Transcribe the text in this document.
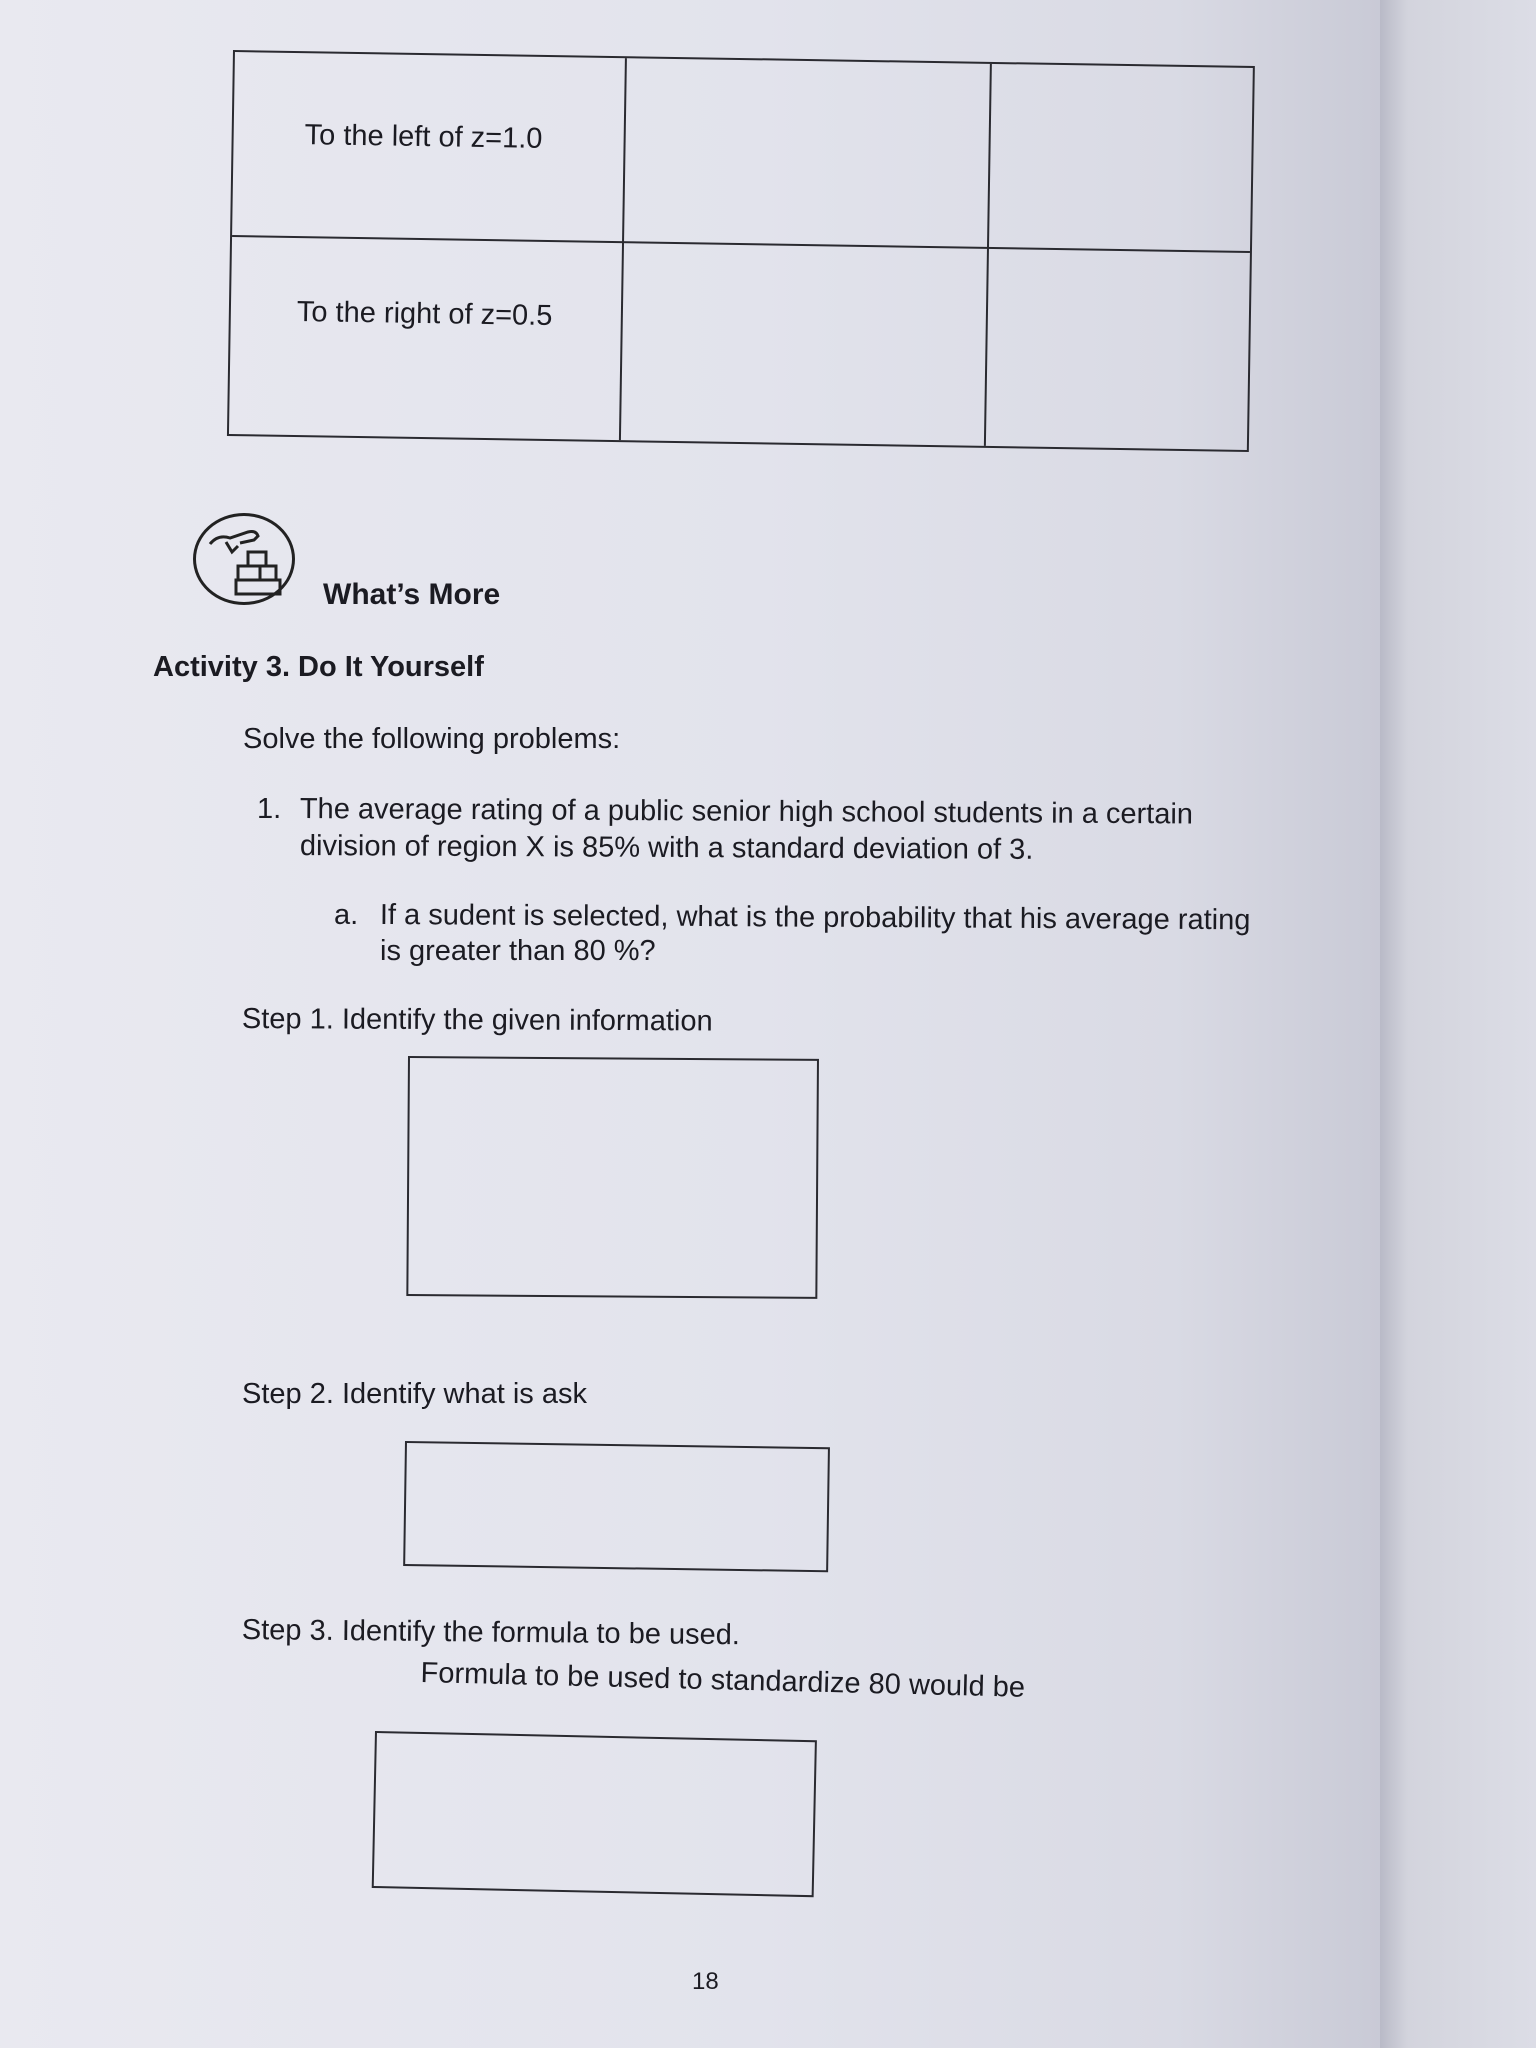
To the left of z=1.0
To the right of z=0.5
What’s More
Activity 3. Do It Yourself
Solve the following problems:
1. The average rating of a public senior high school students in a certain
division of region X is 85% with a standard deviation of 3.
a. If a sudent is selected, what is the probability that his average rating
is greater than 80 %?
Step 1. Identify the given information
Step 2. Identify what is ask
Step 3. Identify the formula to be used.
Formula to be used to standardize 80 would be
18
